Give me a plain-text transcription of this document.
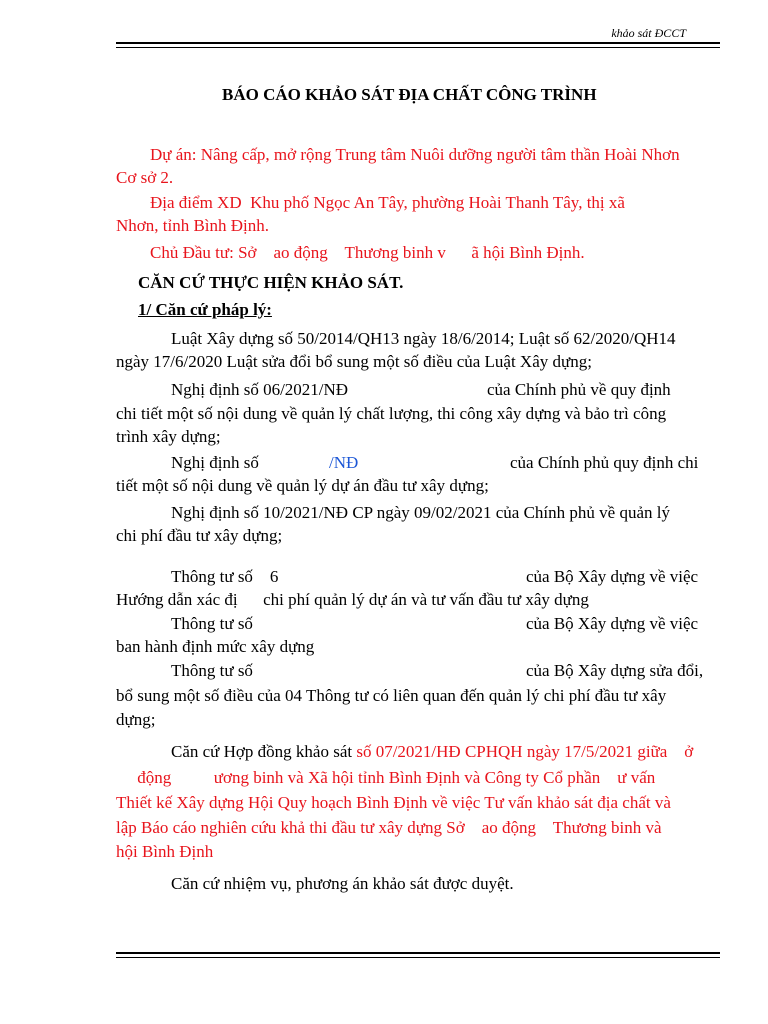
khảo sát ĐCCT
BÁO CÁO KHẢO SÁT ĐỊA CHẤT CÔNG TRÌNH
Dự án: Nâng cấp, mở rộng Trung tâm Nuôi dưỡng người tâm thần Hoài Nhơn
Cơ sở 2.
Địa điểm XD  Khu phố Ngọc An Tây, phường Hoài Thanh Tây, thị xã
Nhơn, tỉnh Bình Định.
Chủ Đầu tư: Sở    ao động    Thương binh v      ã hội Bình Định.
CĂN CỨ THỰC HIỆN KHẢO SÁT.
1/ Căn cứ pháp lý:
Luật Xây dựng số 50/2014/QH13 ngày 18/6/2014; Luật số 62/2020/QH14
ngày 17/6/2020 Luật sửa đổi bổ sung một số điều của Luật Xây dựng;
Nghị định số 06/2021/NĐ	của Chính phủ về quy định
chi tiết một số nội dung về quản lý chất lượng, thi công xây dựng và bảo trì công
trình xây dựng;
Nghị định số	/NĐ	của Chính phủ quy định chi
tiết một số nội dung về quản lý dự án đầu tư xây dựng;
Nghị định số 10/2021/NĐ CP ngày 09/02/2021 của Chính phủ về quản lý
chi phí đầu tư xây dựng;
Thông tư số    6	của Bộ Xây dựng về việc
Hướng dẫn xác đị      chi phí quản lý dự án và tư vấn đầu tư xây dựng
Thông tư số	của Bộ Xây dựng về việc
ban hành định mức xây dựng
Thông tư số	của Bộ Xây dựng sửa đổi,
bổ sung một số điều của 04 Thông tư có liên quan đến quản lý chi phí đầu tư xây
dựng;
Căn cứ Hợp đồng khảo sát số 07/2021/HĐ CPHQH ngày 17/5/2021 giữa    ở
động          ương binh và Xã hội tỉnh Bình Định và Công ty Cổ phần    ư vấn
Thiết kế Xây dựng Hội Quy hoạch Bình Định về việc Tư vấn khảo sát địa chất và
lập Báo cáo nghiên cứu khả thi đầu tư xây dựng Sở    ao động    Thương binh và
hội Bình Định
Căn cứ nhiệm vụ, phương án khảo sát được duyệt.
